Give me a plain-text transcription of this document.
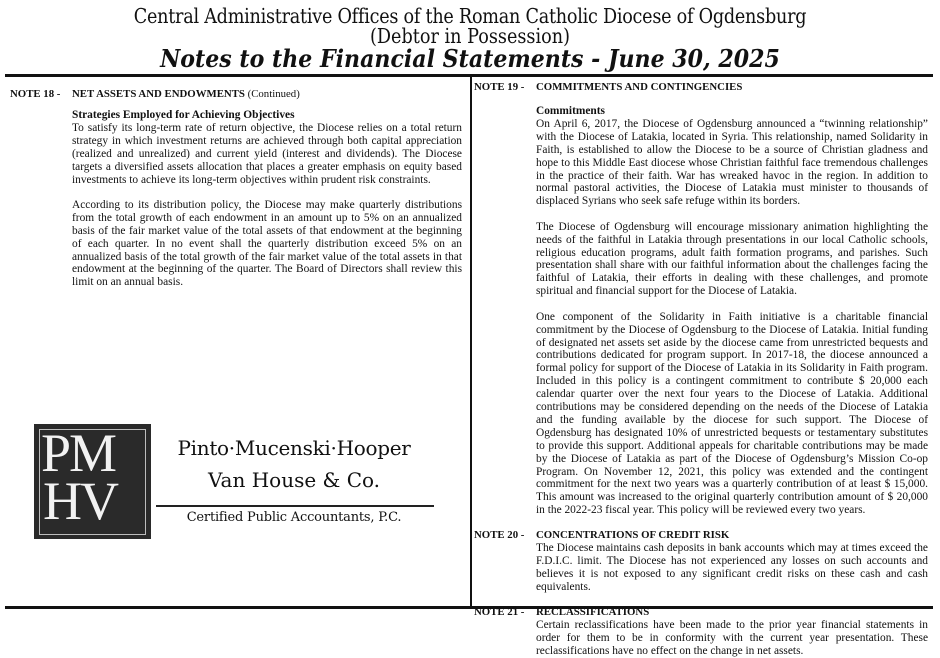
Central Administrative Offices of the Roman Catholic Diocese of Ogdensburg
(Debtor in Possession)
Notes to the Financial Statements - June 30, 2025
NOTE 18 -	NET ASSETS AND ENDOWMENTS (Continued)
Strategies Employed for Achieving Objectives

To satisfy its long-term rate of return objective, the Diocese relies on a total return strategy in which investment returns are achieved through both capital appreciation (realized and unrealized) and current yield (interest and dividends). The Diocese targets a diversified assets allocation that places a greater emphasis on equity based investments to achieve its long-term objectives within prudent risk constraints.

According to its distribution policy, the Diocese may make quarterly distributions from the total growth of each endowment in an amount up to 5% on an annualized basis of the fair market value of the total assets of that endowment at the beginning of each quarter. In no event shall the quarterly distribution exceed 5% on an annualized basis of the total growth of the fair market value of the total assets in that endowment at the beginning of the quarter. The Board of Directors shall review this limit on an annual basis.

PM
HV
Pinto·Mucenski·Hooper
Van House & Co.
Certified Public Accountants, P.C.
NOTE 19 -	COMMITMENTS AND CONTINGENCIES
Commitments

On April 6, 2017, the Diocese of Ogdensburg announced a “twinning relationship” with the Diocese of Latakia, located in Syria. This relationship, named Solidarity in Faith, is established to allow the Diocese to be a source of Christian gladness and hope to this Middle East diocese whose Christian faithful face tremendous challenges in the practice of their faith. War has wreaked havoc in the region. In addition to normal pastoral activities, the Diocese of Latakia must minister to thousands of displaced Syrians who seek safe refuge within its borders.

The Diocese of Ogdensburg will encourage missionary animation highlighting the needs of the faithful in Latakia through presentations in our local Catholic schools, religious education programs, adult faith formation programs, and parishes. Such presentation shall share with our faithful information about the challenges facing the faithful of Latakia, their efforts in dealing with these challenges, and promote spiritual and financial support for the Diocese of Latakia.

One component of the Solidarity in Faith initiative is a charitable financial commitment by the Diocese of Ogdensburg to the Diocese of Latakia. Initial funding of designated net assets set aside by the diocese came from unrestricted bequests and contributions dedicated for program support. In 2017-18, the diocese announced a formal policy for support of the Diocese of Latakia in its Solidarity in Faith program. Included in this policy is a contingent commitment to contribute $ 20,000 each calendar quarter over the next four years to the Diocese of Latakia. Additional contributions may be considered depending on the needs of the Diocese of Latakia and the funding available by the diocese for such support. The Diocese of Ogdensburg has designated 10% of unrestricted bequests or testamentary substitutes to provide this support. Additional appeals for charitable contributions may be made by the Diocese of Latakia as part of the Diocese of Ogdensburg’s Mission Co-op Program. On November 12, 2021, this policy was extended and the contingent commitment for the next two years was a quarterly contribution of at least $ 15,000. This amount was increased to the original quarterly contribution amount of $ 20,000 in the 2022-23 fiscal year. This policy will be reviewed every two years.

NOTE 20 -	CONCENTRATIONS OF CREDIT RISK

The Diocese maintains cash deposits in bank accounts which may at times exceed the F.D.I.C. limit. The Diocese has not experienced any losses on such accounts and believes it is not exposed to any significant credit risks on these cash and cash equivalents.

NOTE 21 -	RECLASSIFICATIONS

Certain reclassifications have been made to the prior year financial statements in order for them to be in conformity with the current year presentation. These reclassifications have no effect on the change in net assets.
